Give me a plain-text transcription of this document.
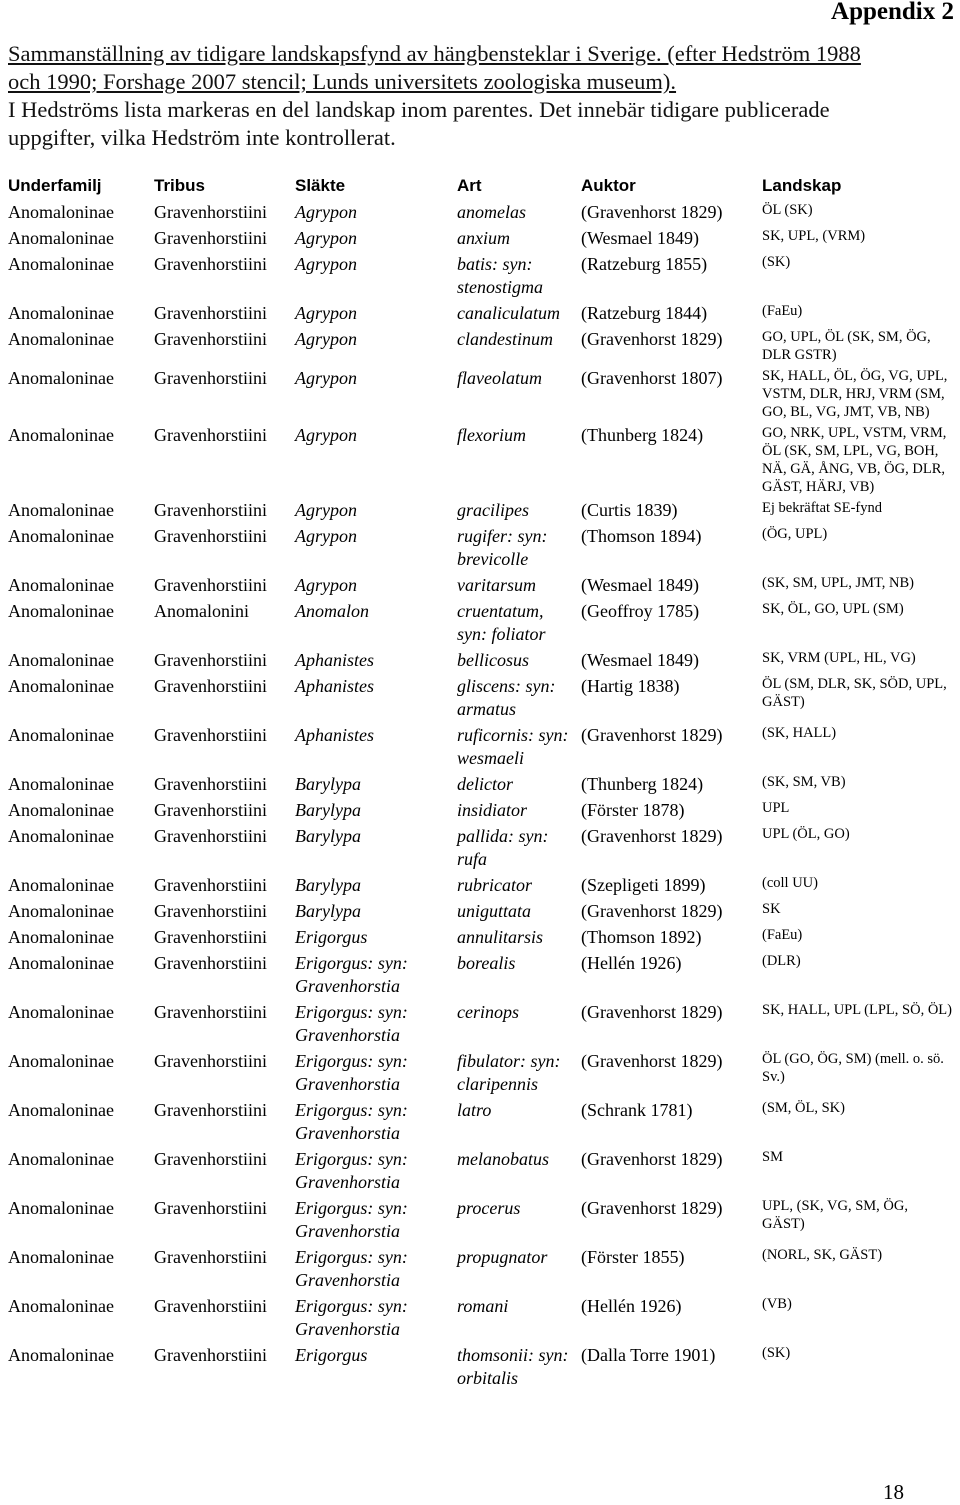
Appendix 2
Sammanställning av tidigare landskapsfynd av hängbensteklar i Sverige. (efter Hedström 1988
och 1990; Forshage 2007 stencil; Lunds universitets zoologiska museum).
I Hedströms lista markeras en del landskap inom parentes. Det innebär tidigare publicerade
uppgifter, vilka Hedström inte kontrollerat.
Underfamilj	Tribus	Släkte	Art	Auktor	Landskap
Anomaloninae	Gravenhorstiini	Agrypon	anomelas	(Gravenhorst 1829)	ÖL (SK)
Anomaloninae	Gravenhorstiini	Agrypon	anxium	(Wesmael 1849)	SK, UPL, (VRM)
Anomaloninae	Gravenhorstiini	Agrypon	batis: syn: stenostigma	(Ratzeburg 1855)	(SK)
Anomaloninae	Gravenhorstiini	Agrypon	canaliculatum	(Ratzeburg 1844)	(FaEu)
Anomaloninae	Gravenhorstiini	Agrypon	clandestinum	(Gravenhorst 1829)	GO, UPL, ÖL (SK, SM, ÖG, DLR GSTR)
Anomaloninae	Gravenhorstiini	Agrypon	flaveolatum	(Gravenhorst 1807)	SK, HALL, ÖL, ÖG, VG, UPL, VSTM, DLR, HRJ, VRM (SM, GO, BL, VG, JMT, VB, NB)
Anomaloninae	Gravenhorstiini	Agrypon	flexorium	(Thunberg 1824)	GO, NRK, UPL, VSTM, VRM, ÖL (SK, SM, LPL, VG, BOH, NÄ, GÄ, ÅNG, VB, ÖG, DLR, GÄST, HÄRJ, VB)
Anomaloninae	Gravenhorstiini	Agrypon	gracilipes	(Curtis 1839)	Ej bekräftat SE-fynd
Anomaloninae	Gravenhorstiini	Agrypon	rugifer: syn: brevicolle	(Thomson 1894)	(ÖG, UPL)
Anomaloninae	Gravenhorstiini	Agrypon	varitarsum	(Wesmael 1849)	(SK, SM, UPL, JMT, NB)
Anomaloninae	Anomalonini	Anomalon	cruentatum, syn: foliator	(Geoffroy 1785)	SK, ÖL, GO, UPL (SM)
Anomaloninae	Gravenhorstiini	Aphanistes	bellicosus	(Wesmael 1849)	SK, VRM (UPL, HL, VG)
Anomaloninae	Gravenhorstiini	Aphanistes	gliscens: syn: armatus	(Hartig 1838)	ÖL (SM, DLR, SK, SÖD, UPL, GÄST)
Anomaloninae	Gravenhorstiini	Aphanistes	ruficornis: syn: wesmaeli	(Gravenhorst 1829)	(SK, HALL)
Anomaloninae	Gravenhorstiini	Barylypa	delictor	(Thunberg 1824)	(SK, SM, VB)
Anomaloninae	Gravenhorstiini	Barylypa	insidiator	(Förster 1878)	UPL
Anomaloninae	Gravenhorstiini	Barylypa	pallida: syn: rufa	(Gravenhorst 1829)	UPL (ÖL, GO)
Anomaloninae	Gravenhorstiini	Barylypa	rubricator	(Szepligeti 1899)	(coll UU)
Anomaloninae	Gravenhorstiini	Barylypa	uniguttata	(Gravenhorst 1829)	SK
Anomaloninae	Gravenhorstiini	Erigorgus	annulitarsis	(Thomson 1892)	(FaEu)
Anomaloninae	Gravenhorstiini	Erigorgus: syn: Gravenhorstia	borealis	(Hellén 1926)	(DLR)
Anomaloninae	Gravenhorstiini	Erigorgus: syn: Gravenhorstia	cerinops	(Gravenhorst 1829)	SK, HALL, UPL (LPL, SÖ, ÖL)
Anomaloninae	Gravenhorstiini	Erigorgus: syn: Gravenhorstia	fibulator: syn: claripennis	(Gravenhorst 1829)	ÖL (GO, ÖG, SM) (mell. o. sö. Sv.)
Anomaloninae	Gravenhorstiini	Erigorgus: syn: Gravenhorstia	latro	(Schrank 1781)	(SM, ÖL, SK)
Anomaloninae	Gravenhorstiini	Erigorgus: syn: Gravenhorstia	melanobatus	(Gravenhorst 1829)	SM
Anomaloninae	Gravenhorstiini	Erigorgus: syn: Gravenhorstia	procerus	(Gravenhorst 1829)	UPL, (SK, VG, SM, ÖG, GÄST)
Anomaloninae	Gravenhorstiini	Erigorgus: syn: Gravenhorstia	propugnator	(Förster 1855)	(NORL, SK, GÄST)
Anomaloninae	Gravenhorstiini	Erigorgus: syn: Gravenhorstia	romani	(Hellén 1926)	(VB)
Anomaloninae	Gravenhorstiini	Erigorgus	thomsonii: syn: orbitalis	(Dalla Torre 1901)	(SK)
18
